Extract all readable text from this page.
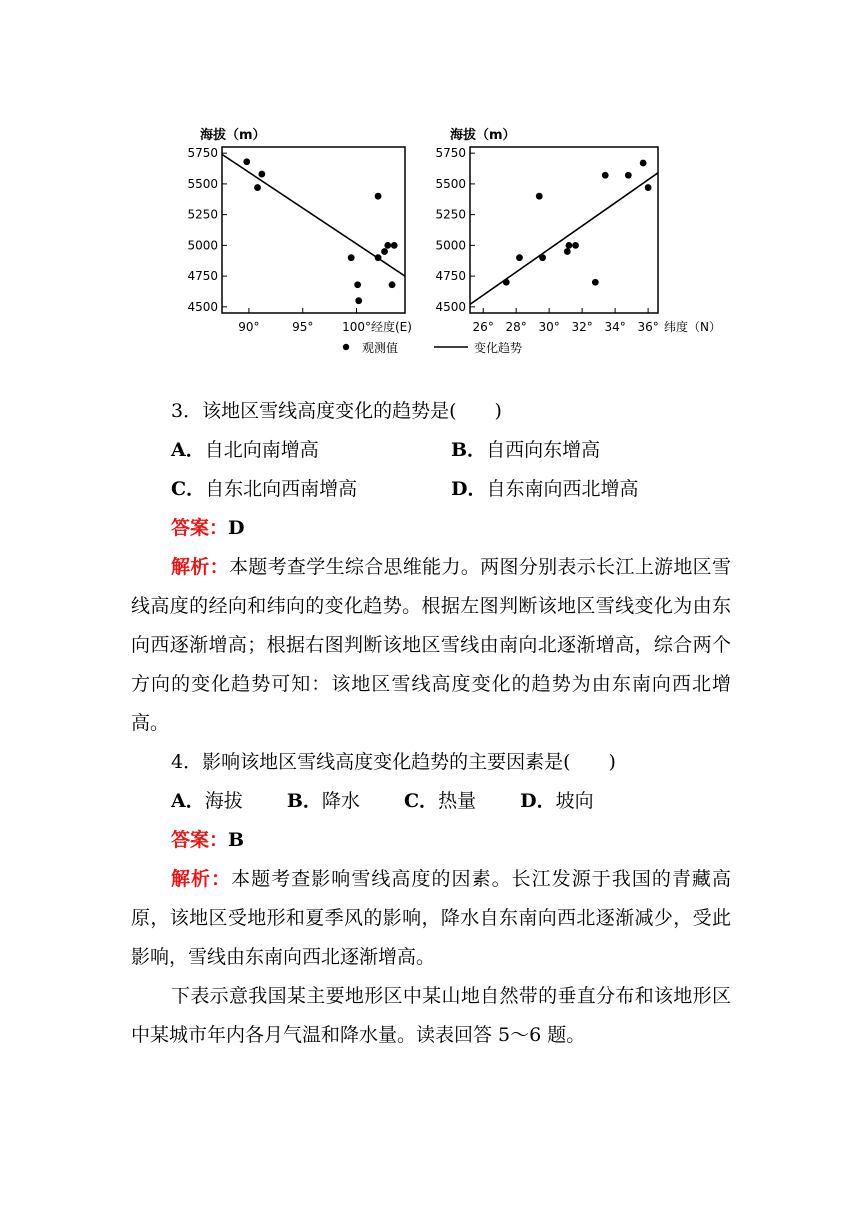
海拔（m）
5750
5500
5250
5000
4750
4500
90°	95° 100° 经度(E)
海拔（m）
5750
5500
5250
5000
4750
4500
26° 28° 30° 32° 34° 36° 纬度（N）
观测值	变化趋势
3．该地区雪线高度变化的趋势是(　　)
A．自北向南增高	B．自西向东增高
C．自东北向西南增高	D．自东南向西北增高
答案：D
解析：本题考查学生综合思维能力。两图分别表示长江上游地区雪线高度的经向和纬向的变化趋势。根据左图判断该地区雪线变化为由东向西逐渐增高；根据右图判断该地区雪线由南向北逐渐增高，综合两个方向的变化趋势可知：该地区雪线高度变化的趋势为由东南向西北增高。
4．影响该地区雪线高度变化趋势的主要因素是(　　)
A．海拔 B．降水 C．热量 D．坡向
答案：B
解析：本题考查影响雪线高度的因素。长江发源于我国的青藏高原，该地区受地形和夏季风的影响，降水自东南向西北逐渐减少，受此影响，雪线由东南向西北逐渐增高。
下表示意我国某主要地形区中某山地自然带的垂直分布和该地形区中某城市年内各月气温和降水量。读表回答 5～6 题。
